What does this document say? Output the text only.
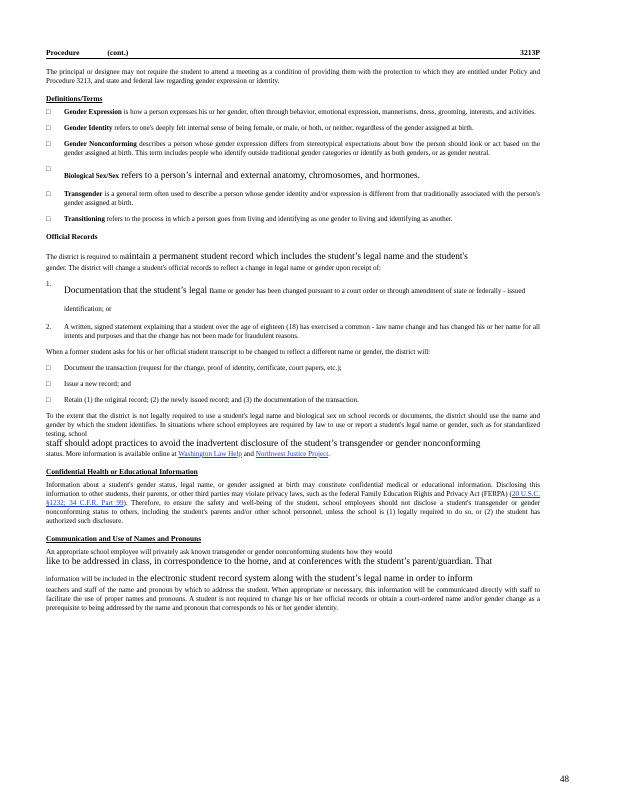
Procedure	(cont.)	3213P

The principal or designee may not require the student to attend a meeting as a condition of providing them with the protection to which they are entitled under Policy and Procedure 3213, and state and federal law regarding gender expression or identity.

Definitions/Terms
□	Gender Expression is how a person expresses his or her gender, often through behavior, emotional expression, mannerisms, dress, grooming, interests, and activities.
□	Gender Identity refers to one's deeply felt internal sense of being female, or male, or both, or neither, regardless of the gender assigned at birth.
□	Gender Nonconforming describes a person whose gender expression differs from stereotypical expectations about how the person should look or act based on the gender assigned at birth. This term includes people who identify outside traditional gender categories or identify as both genders, or as gender neutral.
□
Biological Sex/Sex refers to a person’s internal and external anatomy, chromosomes, and hormones.
□	Transgender is a general term often used to describe a person whose gender identity and/or expression is different from that traditionally associated with the person's gender assigned at birth.
□	Transitioning refers to the process in which a person goes from living and identifying as one gender to living and identifying as another.
Official Records
The district is required to maintain a permanent student record which includes the student’s legal name and the student's

gender. The district will change a student's official records to reflect a change in legal name or gender upon receipt of:

1.
Documentation that the student’s legal name or gender has been changed pursuant to a court order or through amendment of state or federally - issued identification; or
2.	A written, signed statement explaining that a student over the age of eighteen (18) has exercised a common - law name change and has changed his or her name for all intents and purposes and that the change has not been made for fraudulent reasons.

When a former student asks for his or her official student transcript to be changed to reflect a different name or gender, the district will:

□	Document the transaction (request for the change, proof of identity, certificate, court papers, etc.);
□	Issue a new record; and
□	Retain (1) the original record; (2) the newly issued record; and (3) the documentation of the transaction.

To the extent that the district is not legally required to use a student's legal name and biological sex on school records or documents, the district should use the name and gender by which the student identifies. In situations where school employees are required by law to use or report a student's legal name or gender, such as for standardized testing, school

staff should adopt practices to avoid the inadvertent disclosure of the student’s transgender or gender nonconforming

status. More information is available online at Washington Law Help and Northwest Justice Project.

Confidential Health or Educational Information

Information about a student's gender status, legal name, or gender assigned at birth may constitute confidential medical or educational information. Disclosing this information to other students, their parents, or other third parties may violate privacy laws, such as the federal Family Education Rights and Privacy Act (FERPA) (20 U.S.C. §1232; 34 C.F.R. Part 99). Therefore, to ensure the safety and well-being of the student, school employees should not disclose a student's transgender or gender nonconforming status to others, including the student's parents and/or other school personnel, unless the school is (1) legally required to do so, or (2) the student has authorized such disclosure.

Communication and Use of Names and Pronouns

An appropriate school employee will privately ask known transgender or gender nonconforming students how they would

like to be addressed in class, in correspondence to the home, and at conferences with the student’s parent/guardian. That

information will be included in the electronic student record system along with the student’s legal name in order to inform

teachers and staff of the name and pronoun by which to address the student. When appropriate or necessary, this information will be communicated directly with staff to facilitate the use of proper names and pronouns. A student is not required to change his or her official records or obtain a court-ordered name and/or gender change as a prerequisite to being addressed by the name and pronoun that corresponds to his or her gender identity.

48
